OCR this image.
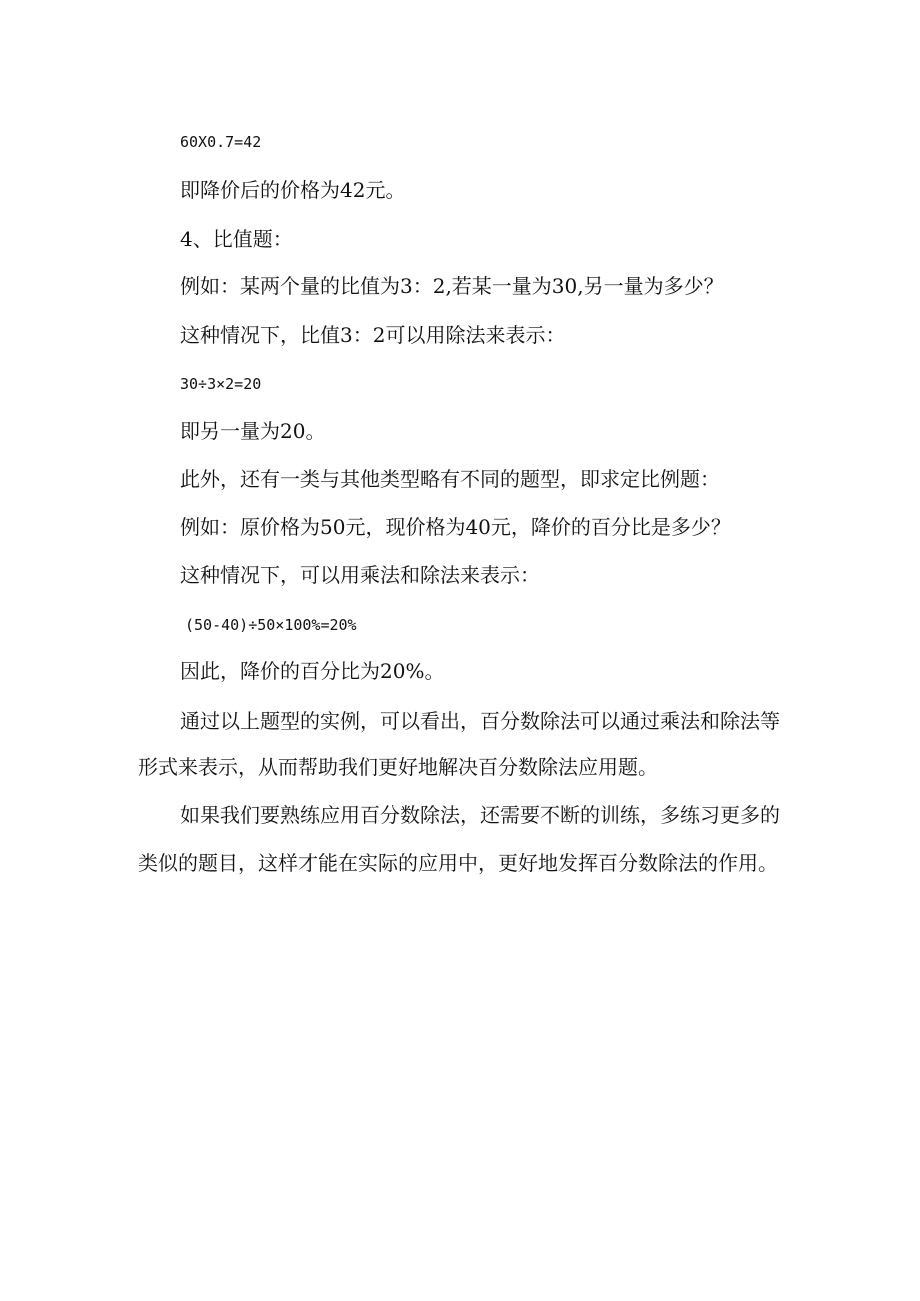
60X0.7=42
即降价后的价格为42元。
4、比值题：
例如：某两个量的比值为3：2,若某一量为30,另一量为多少？
这种情况下，比值3：2可以用除法来表示：
30÷3×2=20
即另一量为20。
此外，还有一类与其他类型略有不同的题型，即求定比例题：
例如：原价格为50元，现价格为40元，降价的百分比是多少？
这种情况下，可以用乘法和除法来表示：
(50-40)÷50×100%=20%
因此，降价的百分比为20%。
通过以上题型的实例，可以看出，百分数除法可以通过乘法和除法等
形式来表示，从而帮助我们更好地解决百分数除法应用题。
如果我们要熟练应用百分数除法，还需要不断的训练，多练习更多的
类似的题目，这样才能在实际的应用中，更好地发挥百分数除法的作用。
